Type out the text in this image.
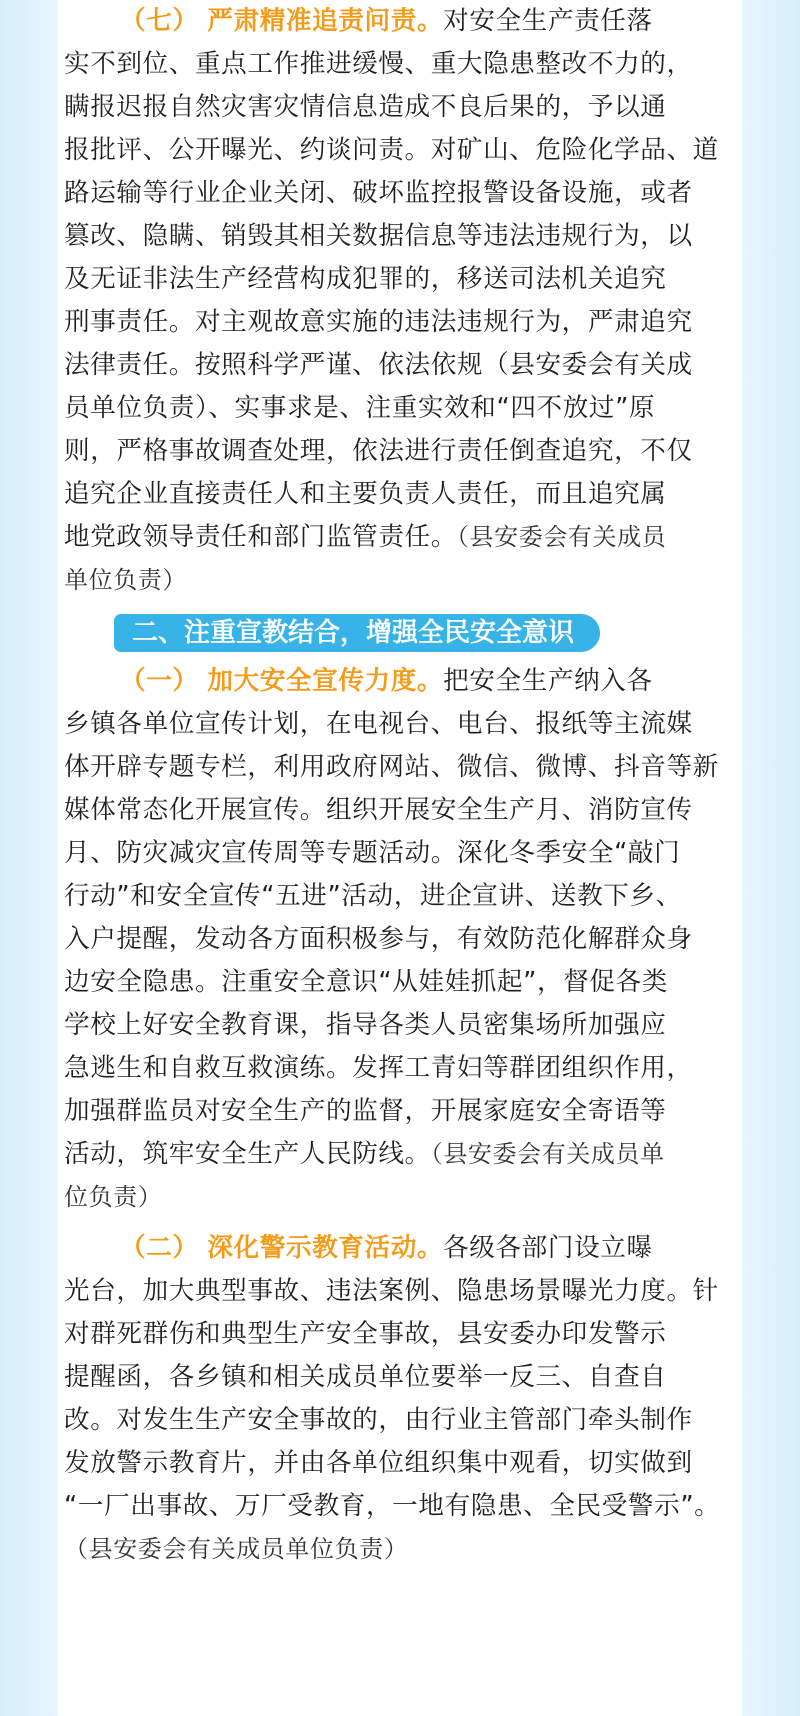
（七） 严肃精准追责问责。对安全生产责任落
实不到位、重点工作推进缓慢、重大隐患整改不力的，
瞒报迟报自然灾害灾情信息造成不良后果的，予以通
报批评、公开曝光、约谈问责。对矿山、危险化学品、道
路运输等行业企业关闭、破坏监控报警设备设施，或者
篡改、隐瞒、销毁其相关数据信息等违法违规行为，以
及无证非法生产经营构成犯罪的，移送司法机关追究
刑事责任。对主观故意实施的违法违规行为，严肃追究
法律责任。按照科学严谨、依法依规（县安委会有关成
员单位负责）、实事求是、注重实效和“四不放过”原
则，严格事故调查处理，依法进行责任倒查追究，不仅
追究企业直接责任人和主要负责人责任，而且追究属
地党政领导责任和部门监管责任。（县安委会有关成员
单位负责）
二、注重宣教结合，增强全民安全意识
（一） 加大安全宣传力度。把安全生产纳入各
乡镇各单位宣传计划，在电视台、电台、报纸等主流媒
体开辟专题专栏，利用政府网站、微信、微博、抖音等新
媒体常态化开展宣传。组织开展安全生产月、消防宣传
月、防灾减灾宣传周等专题活动。深化冬季安全“敲门
行动”和安全宣传“五进”活动，进企宣讲、送教下乡、
入户提醒，发动各方面积极参与，有效防范化解群众身
边安全隐患。注重安全意识“从娃娃抓起”，督促各类
学校上好安全教育课，指导各类人员密集场所加强应
急逃生和自救互救演练。发挥工青妇等群团组织作用，
加强群监员对安全生产的监督，开展家庭安全寄语等
活动，筑牢安全生产人民防线。（县安委会有关成员单
位负责）
（二） 深化警示教育活动。各级各部门设立曝
光台，加大典型事故、违法案例、隐患场景曝光力度。针
对群死群伤和典型生产安全事故，县安委办印发警示
提醒函，各乡镇和相关成员单位要举一反三、自查自
改。对发生生产安全事故的，由行业主管部门牵头制作
发放警示教育片，并由各单位组织集中观看，切实做到
“一厂出事故、万厂受教育，一地有隐患、全民受警示”。
（县安委会有关成员单位负责）
